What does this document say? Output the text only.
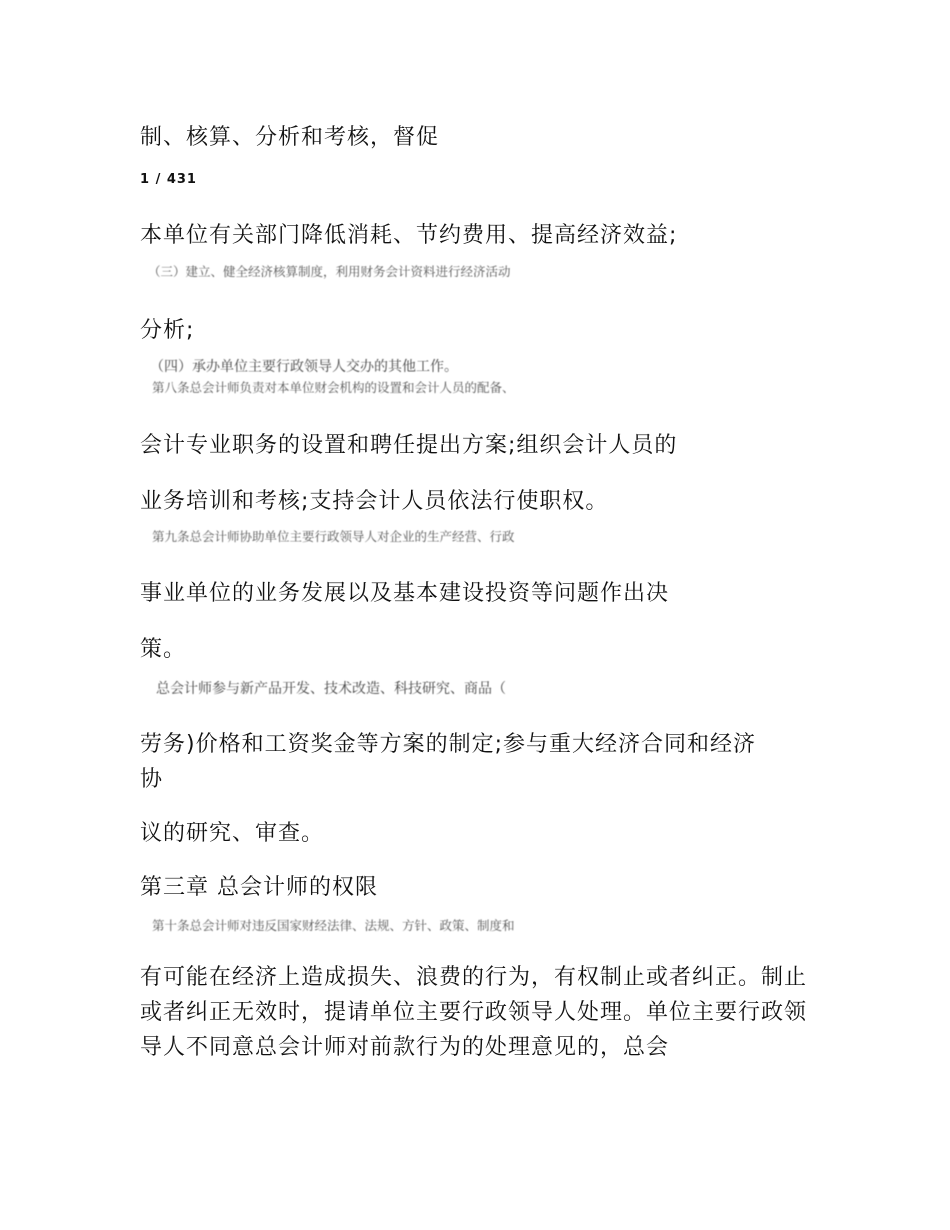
制、核算、分析和考核，督促

1 / 431

本单位有关部门降低消耗、节约费用、提高经济效益;

（三）建立、健全经济核算制度，利用财务会计资料进行经济活动

分析;

（四）承办单位主要行政领导人交办的其他工作。

第八条总会计师负责对本单位财会机构的设置和会计人员的配备、

会计专业职务的设置和聘任提出方案;组织会计人员的

业务培训和考核;支持会计人员依法行使职权。

第九条总会计师协助单位主要行政领导人对企业的生产经营、行政

事业单位的业务发展以及基本建设投资等问题作出决

策。

总会计师参与新产品开发、技术改造、科技研究、商品（

劳务)价格和工资奖金等方案的制定;参与重大经济合同和经济

协

议的研究、审查。

第三章 总会计师的权限

第十条总会计师对违反国家财经法律、法规、方针、政策、制度和

有可能在经济上造成损失、浪费的行为，有权制止或者纠正。制止或者纠正无效时，提请单位主要行政领导人处理。单位主要行政领导人不同意总会计师对前款行为的处理意见的，总会
